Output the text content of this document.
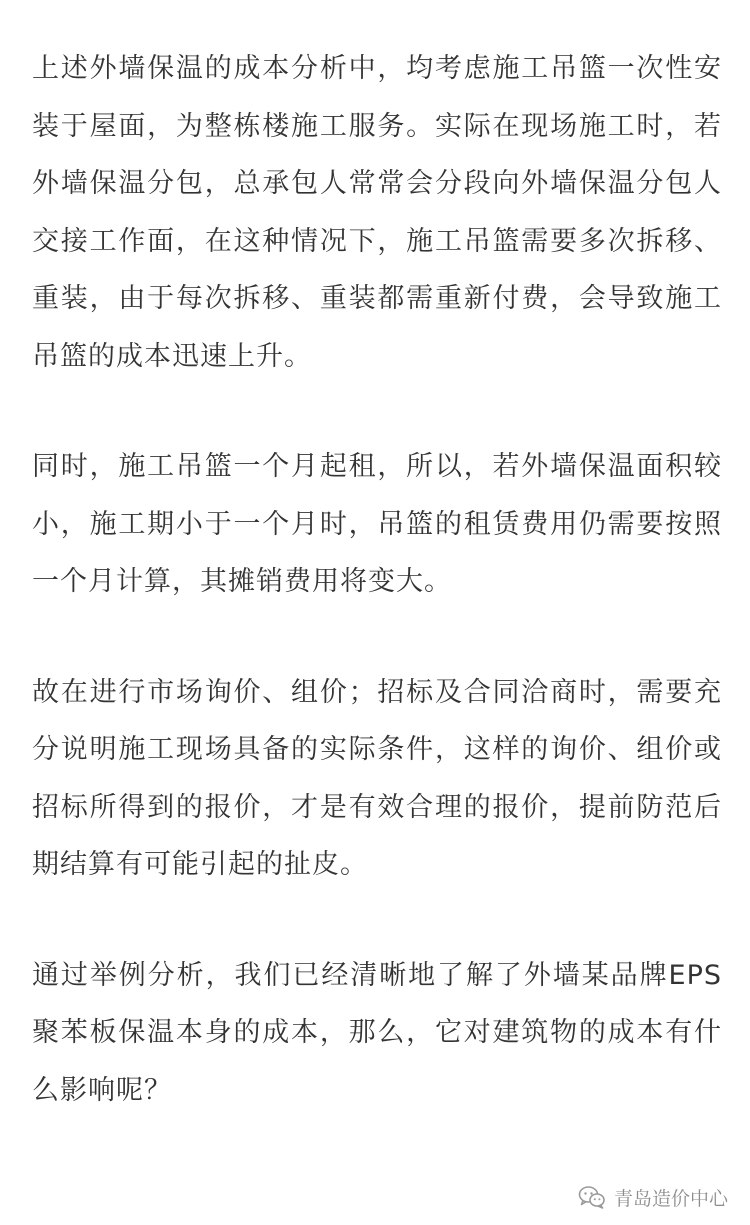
上述外墙保温的成本分析中，均考虑施工吊篮一次性安装于屋面，为整栋楼施工服务。实际在现场施工时，若外墙保温分包，总承包人常常会分段向外墙保温分包人交接工作面，在这种情况下，施工吊篮需要多次拆移、重装，由于每次拆移、重装都需重新付费，会导致施工吊篮的成本迅速上升。

同时，施工吊篮一个月起租，所以，若外墙保温面积较小，施工期小于一个月时，吊篮的租赁费用仍需要按照一个月计算，其摊销费用将变大。

故在进行市场询价、组价；招标及合同洽商时，需要充分说明施工现场具备的实际条件，这样的询价、组价或招标所得到的报价，才是有效合理的报价，提前防范后期结算有可能引起的扯皮。

通过举例分析，我们已经清晰地了解了外墙某品牌EPS聚苯板保温本身的成本，那么，它对建筑物的成本有什么影响呢？

青岛造价中心
